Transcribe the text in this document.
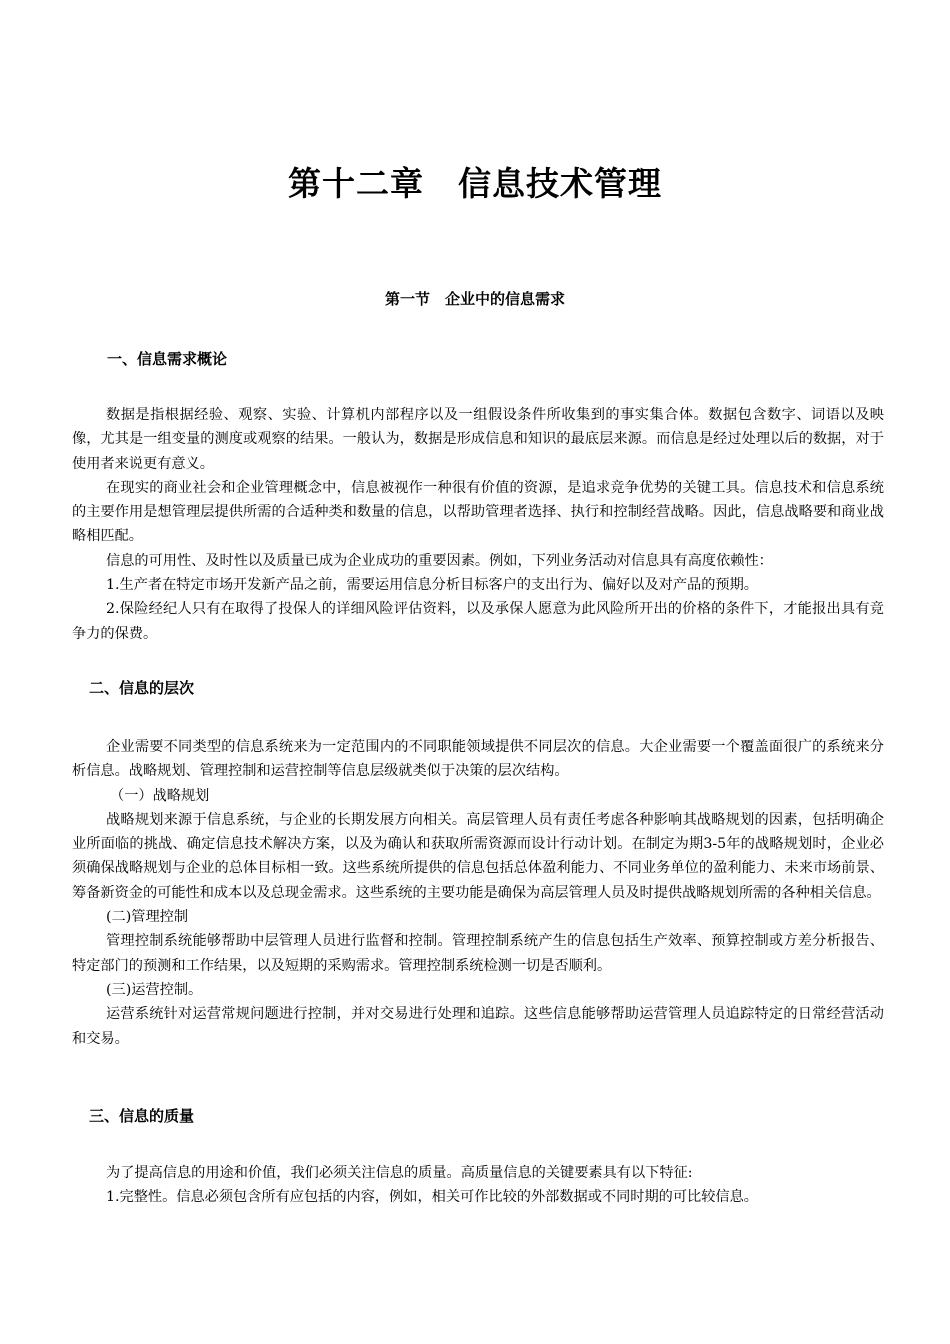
第十二章　信息技术管理
第一节　企业中的信息需求
一、信息需求概论

数据是指根据经验、观察、实验、计算机内部程序以及一组假设条件所收集到的事实集合体。数据包含数字、词语以及映像，尤其是一组变量的测度或观察的结果。一般认为，数据是形成信息和知识的最底层来源。而信息是经过处理以后的数据，对于使用者来说更有意义。

在现实的商业社会和企业管理概念中，信息被视作一种很有价值的资源，是追求竞争优势的关键工具。信息技术和信息系统的主要作用是想管理层提供所需的合适种类和数量的信息，以帮助管理者选择、执行和控制经营战略。因此，信息战略要和商业战略相匹配。

信息的可用性、及时性以及质量已成为企业成功的重要因素。例如，下列业务活动对信息具有高度依赖性：

1.生产者在特定市场开发新产品之前，需要运用信息分析目标客户的支出行为、偏好以及对产品的预期。

2.保险经纪人只有在取得了投保人的详细风险评估资料，以及承保人愿意为此风险所开出的价格的条件下，才能报出具有竞争力的保费。

二、信息的层次

企业需要不同类型的信息系统来为一定范围内的不同职能领域提供不同层次的信息。大企业需要一个覆盖面很广的系统来分析信息。战略规划、管理控制和运营控制等信息层级就类似于决策的层次结构。

（一）战略规划

战略规划来源于信息系统，与企业的长期发展方向相关。高层管理人员有责任考虑各种影响其战略规划的因素，包括明确企业所面临的挑战、确定信息技术解决方案，以及为确认和获取所需资源而设计行动计划。在制定为期3-5年的战略规划时，企业必须确保战略规划与企业的总体目标相一致。这些系统所提供的信息包括总体盈利能力、不同业务单位的盈利能力、未来市场前景、筹备新资金的可能性和成本以及总现金需求。这些系统的主要功能是确保为高层管理人员及时提供战略规划所需的各种相关信息。

(二)管理控制

管理控制系统能够帮助中层管理人员进行监督和控制。管理控制系统产生的信息包括生产效率、预算控制或方差分析报告、特定部门的预测和工作结果，以及短期的采购需求。管理控制系统检测一切是否顺利。

(三)运营控制。

运营系统针对运营常规问题进行控制，并对交易进行处理和追踪。这些信息能够帮助运营管理人员追踪特定的日常经营活动和交易。

三、信息的质量

为了提高信息的用途和价值，我们必须关注信息的质量。高质量信息的关键要素具有以下特征:

1.完整性。信息必须包含所有应包括的内容，例如，相关可作比较的外部数据或不同时期的可比较信息。
